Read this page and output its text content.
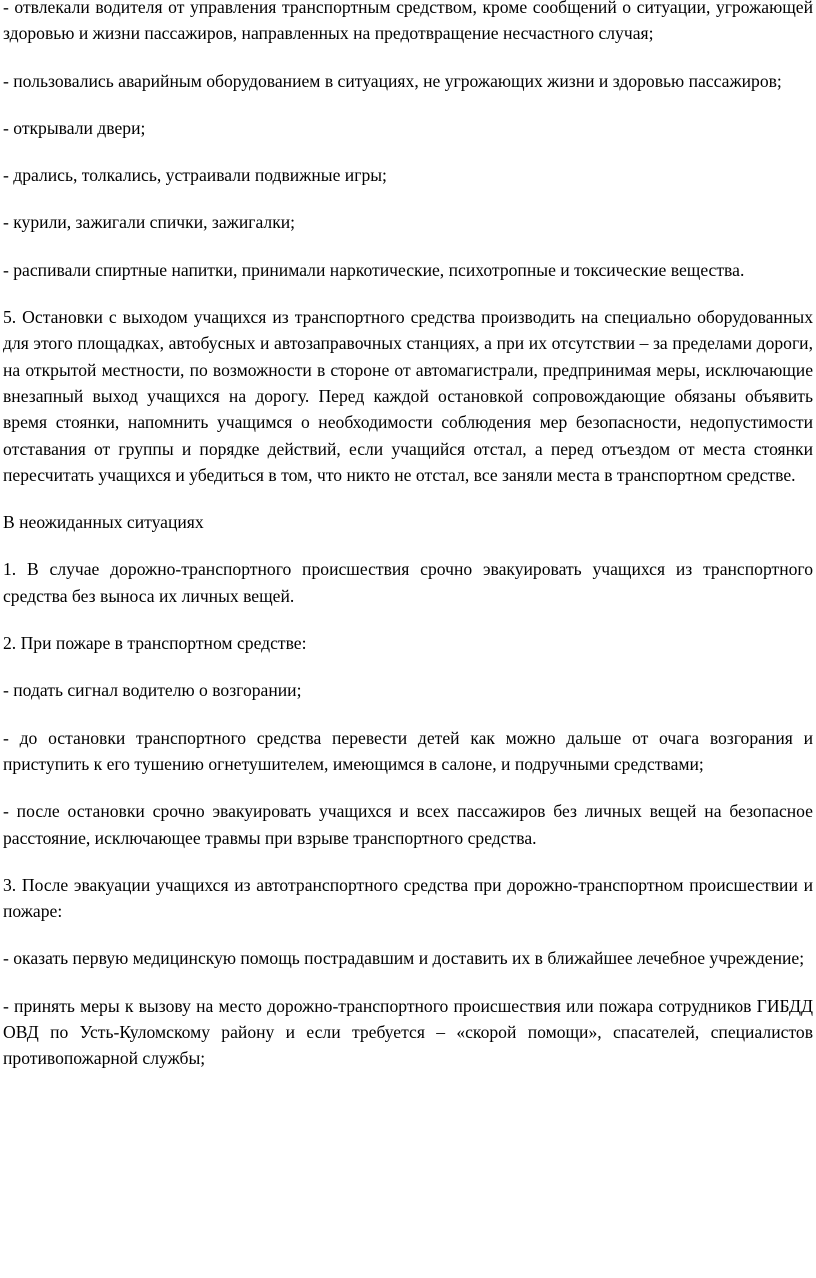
- отвлекали водителя от управления транспортным средством, кроме сообщений о ситуации, угрожающей здоровью и жизни пассажиров, направленных на предотвращение несчастного случая;

- пользовались аварийным оборудованием в ситуациях, не угрожающих жизни и здоровью пассажиров;

- открывали двери;

- дрались, толкались, устраивали подвижные игры;

- курили, зажигали спички, зажигалки;

- распивали спиртные напитки, принимали наркотические, психотропные и токсические вещества.

5. Остановки с выходом учащихся из транспортного средства производить на специально оборудованных для этого площадках, автобусных и автозаправочных станциях, а при их отсутствии – за пределами дороги, на открытой местности, по возможности в стороне от автомагистрали, предпринимая меры, исключающие внезапный выход учащихся на дорогу. Перед каждой остановкой сопровождающие обязаны объявить время стоянки, напомнить учащимся о необходимости соблюдения мер безопасности, недопустимости отставания от группы и порядке действий, если учащийся отстал, а перед отъездом от места стоянки пересчитать учащихся и убедиться в том, что никто не отстал, все заняли места в транспортном средстве.

В неожиданных ситуациях

1. В случае дорожно-транспортного происшествия срочно эвакуировать учащихся из транспортного средства без выноса их личных вещей.

2. При пожаре в транспортном средстве:

- подать сигнал водителю о возгорании;

- до остановки транспортного средства перевести детей как можно дальше от очага возгорания и приступить к его тушению огнетушителем, имеющимся в салоне, и подручными средствами;

- после остановки срочно эвакуировать учащихся и всех пассажиров без личных вещей на безопасное расстояние, исключающее травмы при взрыве транспортного средства.

3. После эвакуации учащихся из автотранспортного средства при дорожно-транспортном происшествии и пожаре:

- оказать первую медицинскую помощь пострадавшим и доставить их в ближайшее лечебное учреждение;

- принять меры к вызову на место дорожно-транспортного происшествия или пожара сотрудников ГИБДД ОВД по Усть-Куломскому району и если требуется – «скорой помощи», спасателей, специалистов противопожарной службы;
